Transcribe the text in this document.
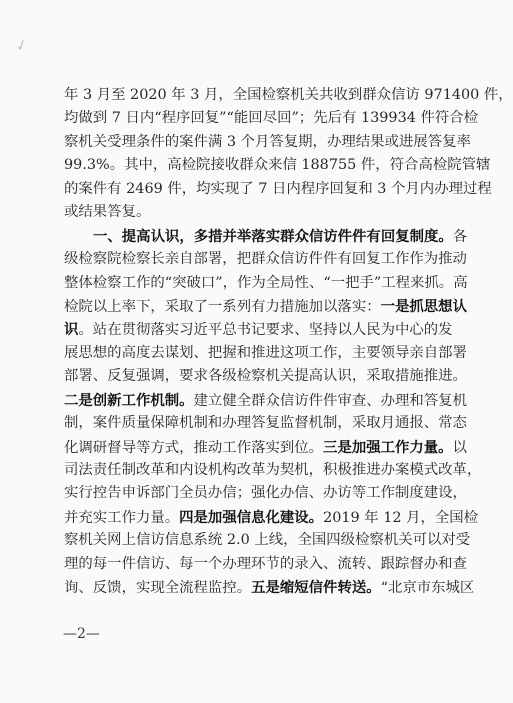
✓
年 3 月至 2020 年 3 月，全国检察机关共收到群众信访 971400 件，
均做到 7 日内“程序回复”“能回尽回”；先后有 139934 件符合检
察机关受理条件的案件满 3 个月答复期，办理结果或进展答复率
99.3%。其中，高检院接收群众来信 188755 件，符合高检院管辖
的案件有 2469 件，均实现了 7 日内程序回复和 3 个月内办理过程
或结果答复。
一、提高认识，多措并举落实群众信访件件有回复制度。各
级检察院检察长亲自部署，把群众信访件件有回复工作作为推动
整体检察工作的“突破口”，作为全局性、“一把手”工程来抓。高
检院以上率下，采取了一系列有力措施加以落实：一是抓思想认
识。站在贯彻落实习近平总书记要求、坚持以人民为中心的发
展思想的高度去谋划、把握和推进这项工作，主要领导亲自部署
部署、反复强调，要求各级检察机关提高认识，采取措施推进。
二是创新工作机制。建立健全群众信访件件审查、办理和答复机
制，案件质量保障机制和办理答复监督机制，采取月通报、常态
化调研督导等方式，推动工作落实到位。三是加强工作力量。以
司法责任制改革和内设机构改革为契机，积极推进办案模式改革，
实行控告申诉部门全员办信；强化办信、办访等工作制度建设，
并充实工作力量。四是加强信息化建设。2019 年 12 月，全国检
察机关网上信访信息系统 2.0 上线，全国四级检察机关可以对受
理的每一件信访、每一个办理环节的录入、流转、跟踪督办和查
询、反馈，实现全流程监控。五是缩短信件转送。“北京市东城区
—2—
